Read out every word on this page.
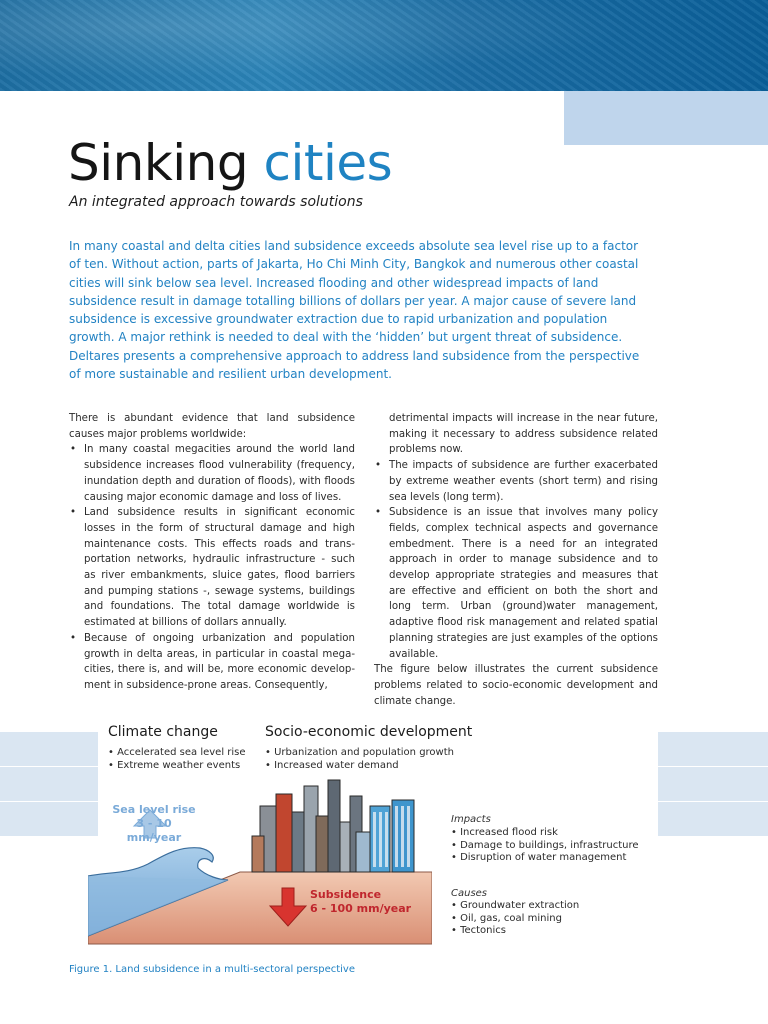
Sinking cities

An integrated approach towards solutions

In many coastal and delta cities land subsidence exceeds absolute sea level rise up to a factor of ten. Without action, parts of Jakarta, Ho Chi Minh City, Bangkok and numerous other coastal cities will sink below sea level. Increased flooding and other widespread impacts of land subsidence result in damage totalling billions of dollars per year. A major cause of severe land subsidence is excessive groundwater extraction due to rapid urbanization and population growth. A major rethink is needed to deal with the ‘hidden’ but urgent threat of subsidence. Deltares presents a comprehensive approach to address land subsidence from the perspective of more sustainable and resilient urban development.

There is abundant evidence that land subsidence causes major problems worldwide:

• In many coastal megacities around the world land subsidence increases flood vulnerability (frequency, inundation depth and duration of floods), with floods causing major economic damage and loss of lives.
• Land subsidence results in significant economic losses in the form of structural damage and high maintenance costs. This effects roads and trans-portation networks, hydraulic infrastructure - such as river embankments, sluice gates, flood barriers and pumping stations -, sewage systems, buildings and foundations. The total damage worldwide is estimated at billions of dollars annually.
• Because of ongoing urbanization and population growth in delta areas, in particular in coastal mega-cities, there is, and will be, more economic develop-ment in subsidence-prone areas. Consequently,

detrimental impacts will increase in the near future, making it necessary to address subsidence related problems now.

• The impacts of subsidence are further exacerbated by extreme weather events (short term) and rising sea levels (long term).
• Subsidence is an issue that involves many policy fields, complex technical aspects and governance embedment. There is a need for an integrated approach in order to manage subsidence and to develop appropriate strategies and measures that are effective and efficient on both the short and long term. Urban (ground)water management, adaptive flood risk management and related spatial planning strategies are just examples of the options available.

The figure below illustrates the current subsidence problems related to socio-economic development and climate change.

Climate change

• Accelerated sea level rise
• Extreme weather events

Socio-economic development

• Urbanization and population growth
• Increased water demand
Sea level rise
3 - 10 mm/year
Subsidence
6 - 100 mm/year

Impacts

• Increased flood risk
• Damage to buildings, infrastructure
• Disruption of water management

Causes

• Groundwater extraction
• Oil, gas, coal mining
• Tectonics

Figure 1. Land subsidence in a multi-sectoral perspective
